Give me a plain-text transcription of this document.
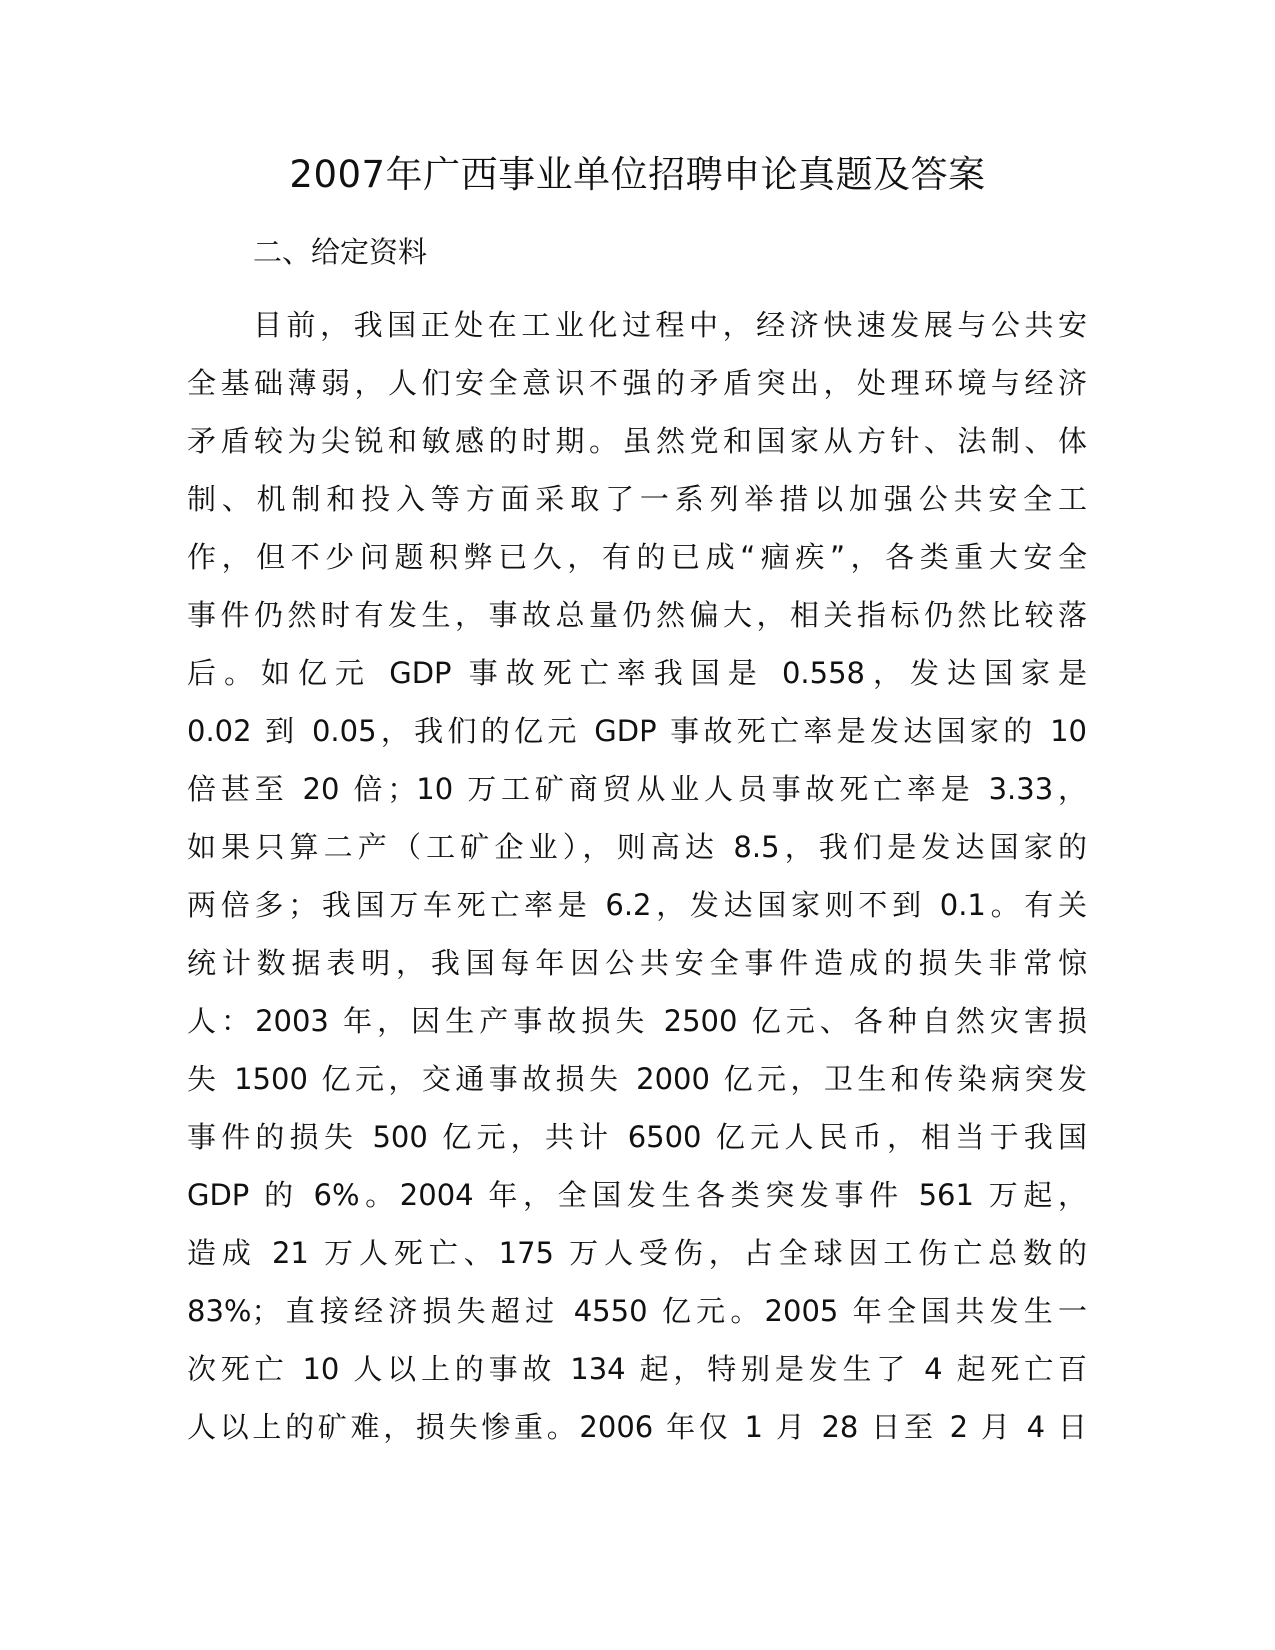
2007年广西事业单位招聘申论真题及答案

二、给定资料

目前，我国正处在工业化过程中，经济快速发展与公共安
全基础薄弱，人们安全意识不强的矛盾突出，处理环境与经济
矛盾较为尖锐和敏感的时期。虽然党和国家从方针、法制、体
制、机制和投入等方面采取了一系列举措以加强公共安全工
作，但不少问题积弊已久，有的已成“痼疾”，各类重大安全
事件仍然时有发生，事故总量仍然偏大，相关指标仍然比较落
后。如亿元 GDP 事故死亡率我国是 0.558，发达国家是
0.02 到 0.05，我们的亿元 GDP 事故死亡率是发达国家的 10
倍甚至 20 倍；10 万工矿商贸从业人员事故死亡率是 3.33，
如果只算二产（工矿企业），则高达 8.5，我们是发达国家的
两倍多；我国万车死亡率是 6.2，发达国家则不到 0.1。有关
统计数据表明，我国每年因公共安全事件造成的损失非常惊
人：2003 年，因生产事故损失 2500 亿元、各种自然灾害损
失 1500 亿元，交通事故损失 2000 亿元，卫生和传染病突发
事件的损失 500 亿元，共计 6500 亿元人民币，相当于我国
GDP 的 6%。2004 年，全国发生各类突发事件 561 万起，
造成 21 万人死亡、175 万人受伤，占全球因工伤亡总数的
83%；直接经济损失超过 4550 亿元。2005 年全国共发生一
次死亡 10 人以上的事故 134 起，特别是发生了 4 起死亡百
人以上的矿难，损失惨重。2006 年仅 1 月 28 日至 2 月 4 日
